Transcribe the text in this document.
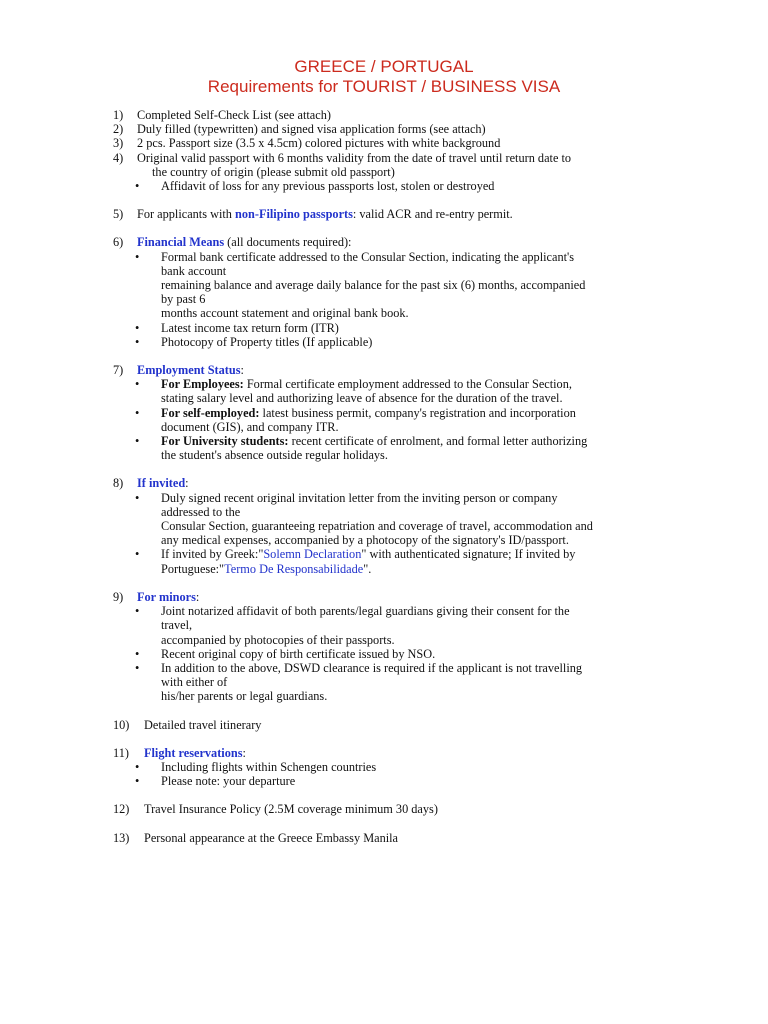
GREECE / PORTUGAL
Requirements for TOURIST / BUSINESS VISA
1) Completed Self-Check List (see attach)
2) Duly filled (typewritten) and signed visa application forms (see attach)
3) 2 pcs. Passport size (3.5 x 4.5cm) colored pictures with white background
4) Original valid passport with 6 months validity from the date of travel until return date to
the country of origin (please submit old passport)
• Affidavit of loss for any previous passports lost, stolen or destroyed
5) For applicants with non-Filipino passports: valid ACR and re-entry permit.
6) Financial Means (all documents required):
• Formal bank certificate addressed to the Consular Section, indicating the applicant's
bank account
remaining balance and average daily balance for the past six (6) months, accompanied
by past 6
months account statement and original bank book.
• Latest income tax return form (ITR)
• Photocopy of Property titles (If applicable)
7) Employment Status:
• For Employees: Formal certificate employment addressed to the Consular Section,
stating salary level and authorizing leave of absence for the duration of the travel.
• For self-employed: latest business permit, company's registration and incorporation
document (GIS), and company ITR.
• For University students: recent certificate of enrolment, and formal letter authorizing
the student's absence outside regular holidays.
8) If invited:
• Duly signed recent original invitation letter from the inviting person or company
addressed to the
Consular Section, guaranteeing repatriation and coverage of travel, accommodation and
any medical expenses, accompanied by a photocopy of the signatory's ID/passport.
• If invited by Greek:"Solemn Declaration" with authenticated signature; If invited by
Portuguese:"Termo De Responsabilidade".
9) For minors:
• Joint notarized affidavit of both parents/legal guardians giving their consent for the
travel,
accompanied by photocopies of their passports.
• Recent original copy of birth certificate issued by NSO.
• In addition to the above, DSWD clearance is required if the applicant is not travelling
with either of
his/her parents or legal guardians.
10) Detailed travel itinerary
11) Flight reservations:
• Including flights within Schengen countries
• Please note: your departure
12) Travel Insurance Policy (2.5M coverage minimum 30 days)
13) Personal appearance at the Greece Embassy Manila
